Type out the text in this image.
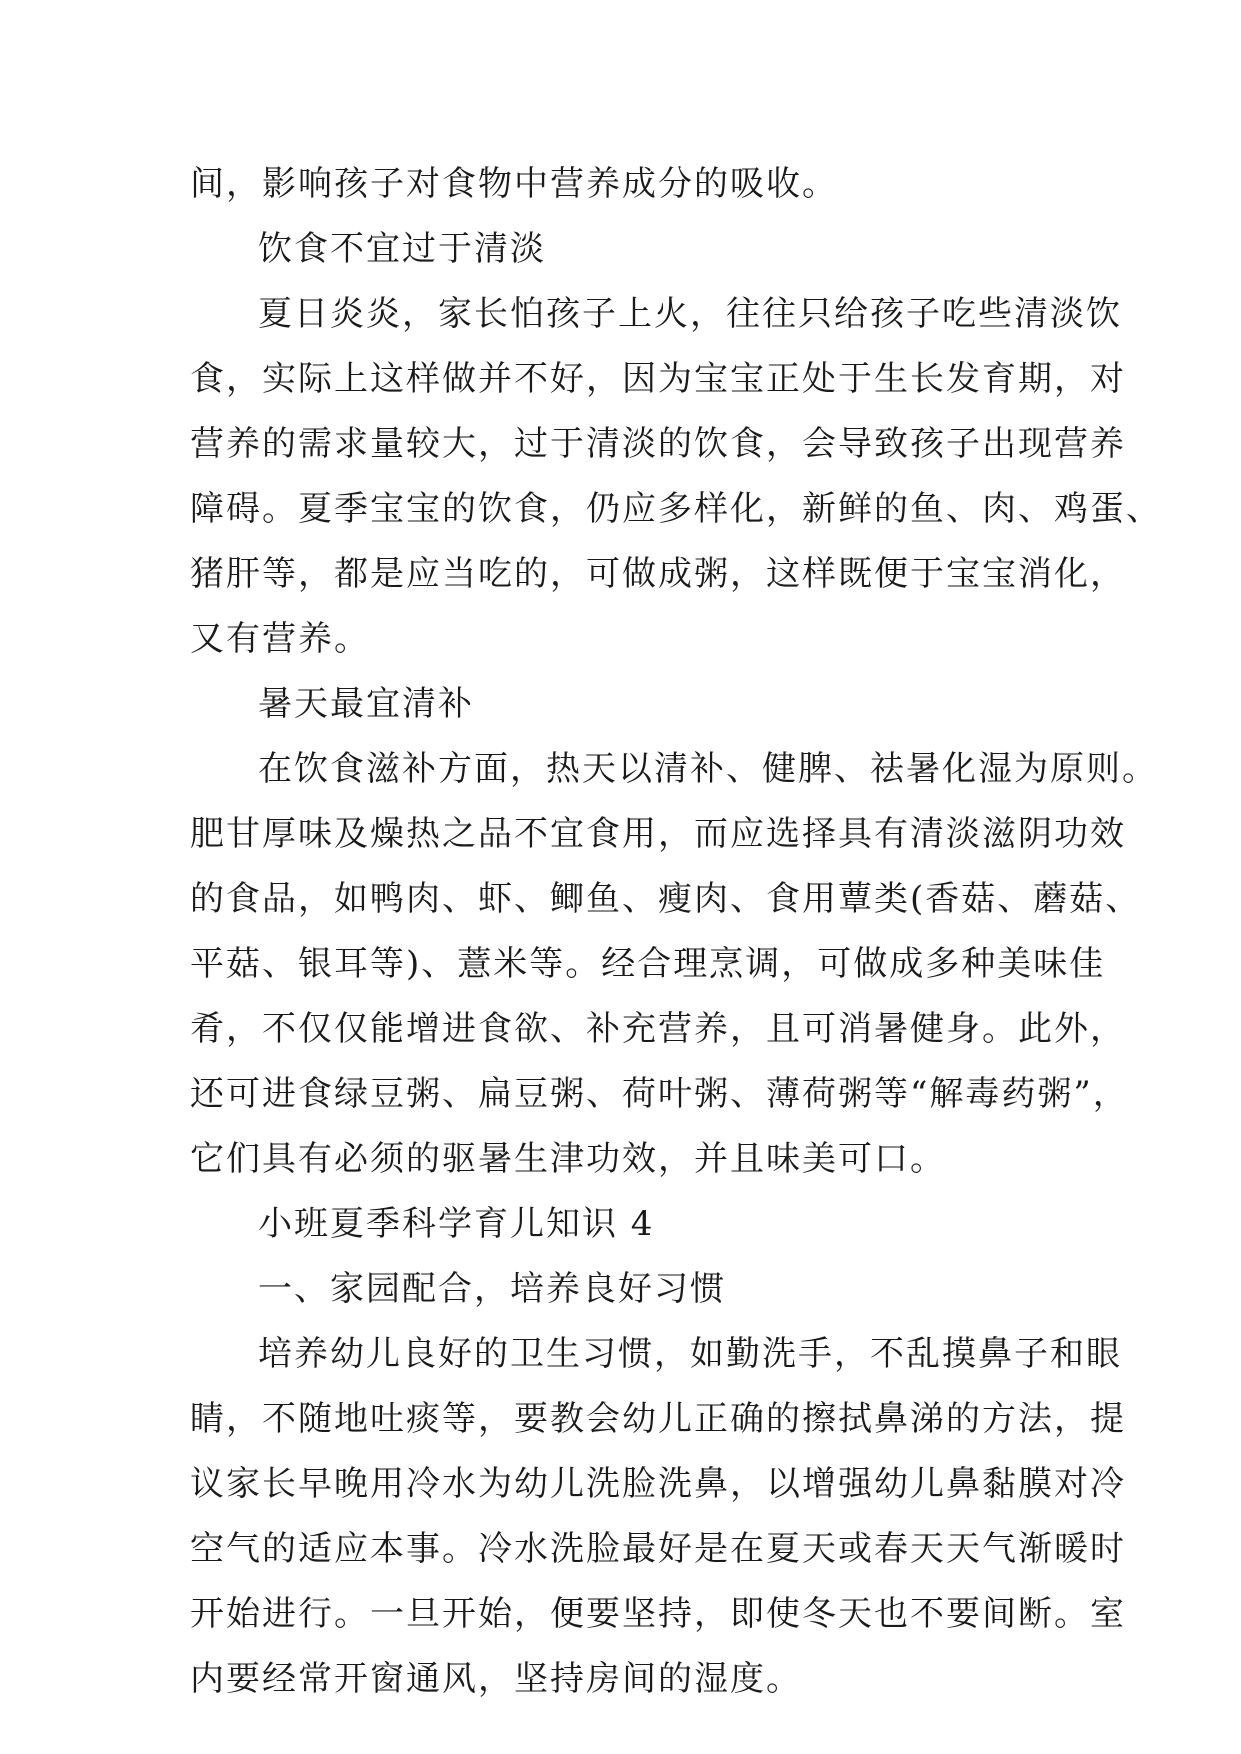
间，影响孩子对食物中营养成分的吸收。

饮食不宜过于清淡

夏日炎炎，家长怕孩子上火，往往只给孩子吃些清淡饮
食，实际上这样做并不好，因为宝宝正处于生长发育期，对
营养的需求量较大，过于清淡的饮食，会导致孩子出现营养
障碍。夏季宝宝的饮食，仍应多样化，新鲜的鱼、肉、鸡蛋、
猪肝等，都是应当吃的，可做成粥，这样既便于宝宝消化，
又有营养。

暑天最宜清补

在饮食滋补方面，热天以清补、健脾、祛暑化湿为原则。
肥甘厚味及燥热之品不宜食用，而应选择具有清淡滋阴功效
的食品，如鸭肉、虾、鲫鱼、瘦肉、食用蕈类(香菇、蘑菇、
平菇、银耳等)、薏米等。经合理烹调，可做成多种美味佳
肴，不仅仅能增进食欲、补充营养，且可消暑健身。此外，
还可进食绿豆粥、扁豆粥、荷叶粥、薄荷粥等“解毒药粥”，
它们具有必须的驱暑生津功效，并且味美可口。

小班夏季科学育儿知识 4

一、家园配合，培养良好习惯

培养幼儿良好的卫生习惯，如勤洗手，不乱摸鼻子和眼
睛，不随地吐痰等，要教会幼儿正确的擦拭鼻涕的方法，提
议家长早晚用冷水为幼儿洗脸洗鼻，以增强幼儿鼻黏膜对冷
空气的适应本事。冷水洗脸最好是在夏天或春天天气渐暖时
开始进行。一旦开始，便要坚持，即使冬天也不要间断。室
内要经常开窗通风，坚持房间的湿度。
